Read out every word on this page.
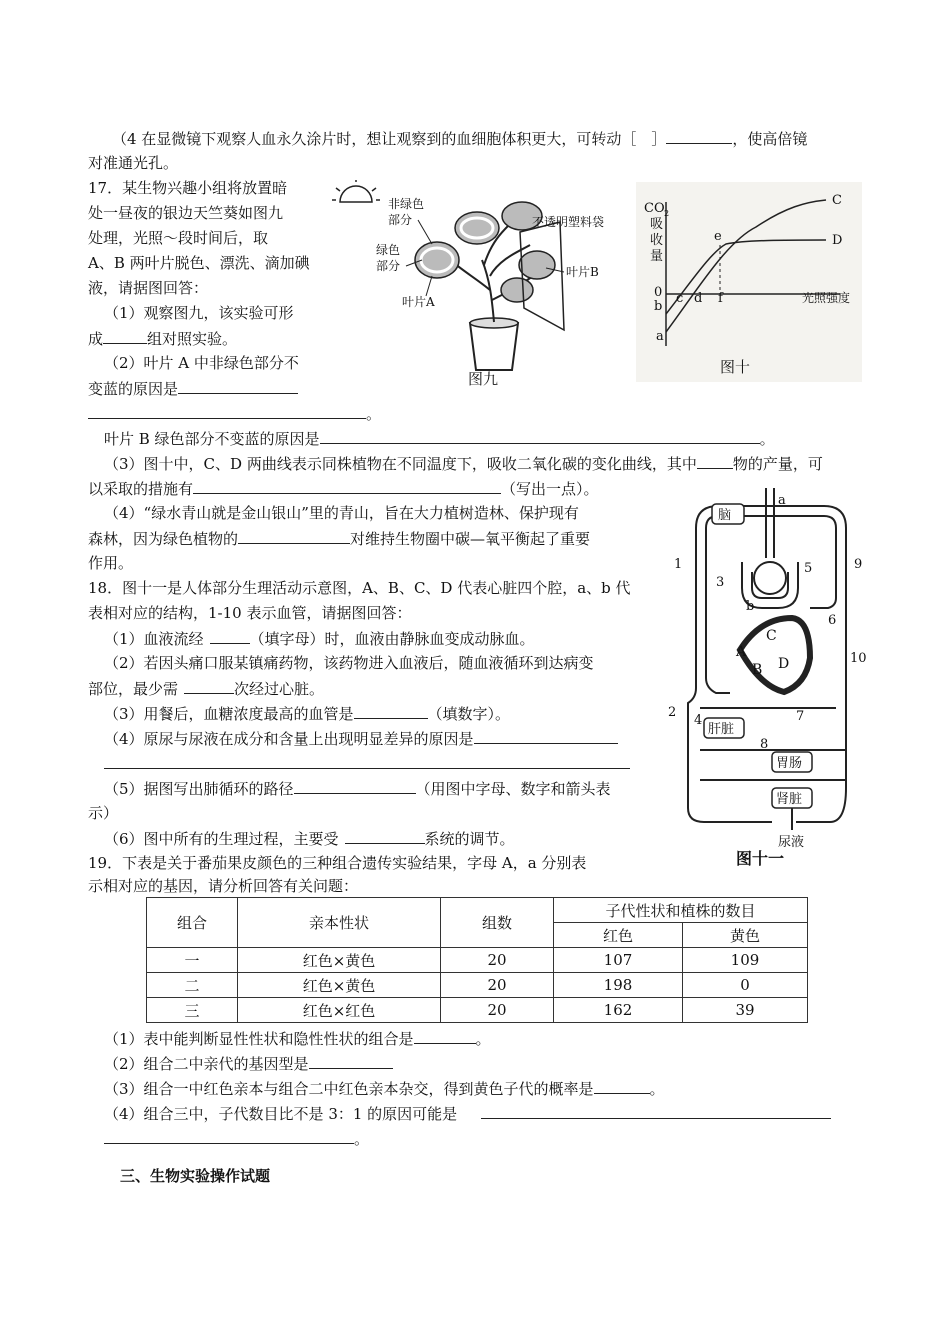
（4 在显微镜下观察人血永久涂片时，想让观察到的血细胞体积更大，可转动［　］	，使高倍镜
对准通光孔。
17．某生物兴趣小组将放置暗
处一昼夜的银边天竺葵如图九
处理，光照～段时间后，取
A、B 两叶片脱色、漂洗、滴加碘
液，请据图回答：
（1）观察图九，该实验可形
成	组对照实验。
（2）叶片 A 中非绿色部分不
变蓝的原因是
。
叶片 B 绿色部分不变蓝的原因是	。
（3）图十中，C、D 两曲线表示同株植物在不同温度下，吸收二氧化碳的变化曲线，其中 物的产量，可
以采取的措施有	（写出一点）。
（4）“绿水青山就是金山银山”里的青山，旨在大力植树造林、保护现有
森林，因为绿色植物的	对维持生物圈中碳—氧平衡起了重要
作用。
非绿色
部分
绿色
部分
不透明塑料袋
叶片A
叶片B
图九
CO 2
吸
收
量
C
D
e
b
c d f
a
0	光照强度
图十
18．图十一是人体部分生理活动示意图，A、B、C、D 代表心脏四个腔，a、b 代
表相对应的结构，1-10 表示血管，请据图回答：
（1）血液流经	（填字母）时，血液由静脉血变成动脉血。
（2）若因头痛口服某镇痛药物，该药物进入血液后，随血液循环到达病变
部位，最少需	次经过心脏。
（3）用餐后，血糖浓度最高的血管是	（填数字）。
（4）原尿与尿液在成分和含量上出现明显差异的原因是
（5）据图写出肺循环的路径	（用图中字母、数字和箭头表
示）
（6）图中所有的生理过程，主要受	系统的调节。
脑
肝脏
胃肠
肾脏
尿液
a
b
A
B
C
D
1
2
3
4
5
6
7
8
9
10
图十一
19．下表是关于番茄果皮颜色的三种组合遗传实验结果，字母 A，a 分别表
示相对应的基因，请分析回答有关问题：
组合	亲本性状	组数	子代性状和植株的数目	
			红色	黄色
一	红色×黄色	20	107	109
二	红色×黄色	20	198	0
三	红色×红色	20	162	39
（1）表中能判断显性性状和隐性性状的组合是	。
（2）组合二中亲代的基因型是
（3）组合一中红色亲本与组合二中红色亲本杂交，得到黄色子代的概率是	。
（4）组合三中，子代数目比不是 3：1 的原因可能是
。
三、生物实验操作试题
